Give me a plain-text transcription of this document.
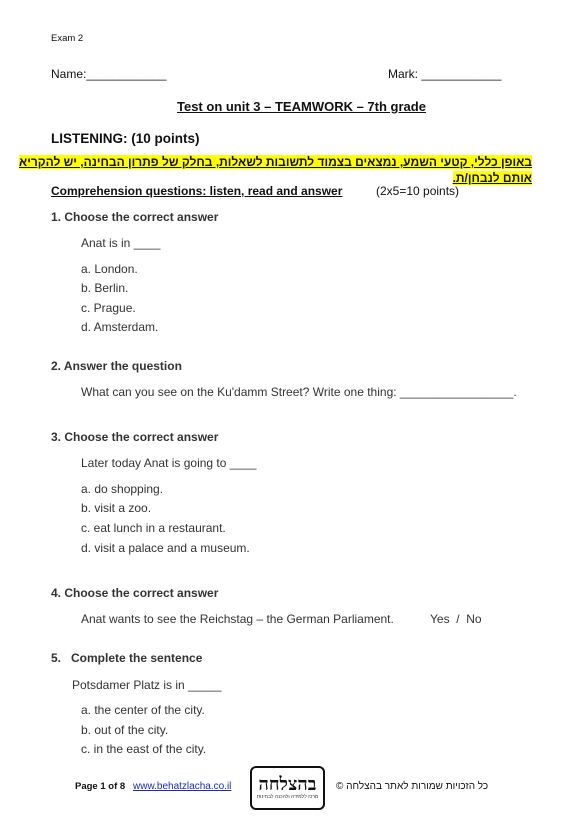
Exam 2
Name:____________	Mark: ____________
Test on unit 3 – TEAMWORK – 7th grade
LISTENING: (10 points)
באופן כללי, קטעי השמע, נמצאים בצמוד לתשובות לשאלות, בחלק של פתרון הבחינה, יש להקריא
אותם לנבחן/ת.
Comprehension questions: listen, read and answer	(2x5=10 points)
1. Choose the correct answer
Anat is in ____
a. London.
b. Berlin.
c. Prague.
d. Amsterdam.
2. Answer the question
What can you see on the Ku'damm Street? Write one thing: _________________.
3. Choose the correct answer
Later today Anat is going to ____
a. do shopping.
b. visit a zoo.
c. eat lunch in a restaurant.
d. visit a palace and a museum.
4. Choose the correct answer
Anat wants to see the Reichstag – the German Parliament.	Yes  /  No
5.   Complete the sentence
Potsdamer Platz is in _____
a. the center of the city.
b. out of the city.
c. in the east of the city.
Page 1 of 8 www.behatzlacha.co.il בהצלחה
מרכז ללמידה ולהכנה לבחינות
כל הזכויות שמורות לאתר בהצלחה ©
